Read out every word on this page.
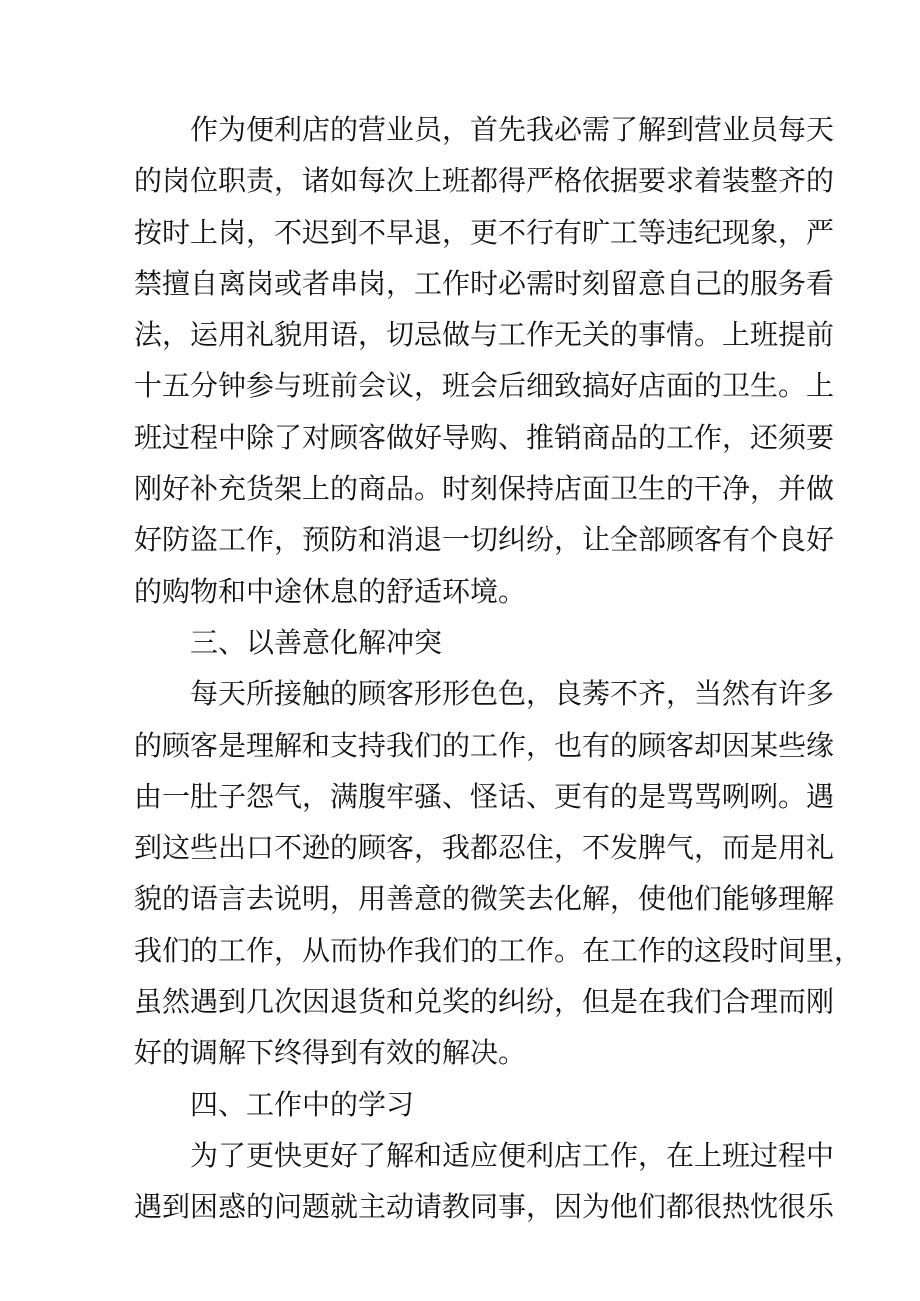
作为便利店的营业员，首先我必需了解到营业员每天
的岗位职责，诸如每次上班都得严格依据要求着装整齐的
按时上岗，不迟到不早退，更不行有旷工等违纪现象，严
禁擅自离岗或者串岗，工作时必需时刻留意自己的服务看
法，运用礼貌用语，切忌做与工作无关的事情。上班提前
十五分钟参与班前会议，班会后细致搞好店面的卫生。上
班过程中除了对顾客做好导购、推销商品的工作，还须要
刚好补充货架上的商品。时刻保持店面卫生的干净，并做
好防盗工作，预防和消退一切纠纷，让全部顾客有个良好
的购物和中途休息的舒适环境。
三、以善意化解冲突
每天所接触的顾客形形色色，良莠不齐，当然有许多
的顾客是理解和支持我们的工作，也有的顾客却因某些缘
由一肚子怨气，满腹牢骚、怪话、更有的是骂骂咧咧。遇
到这些出口不逊的顾客，我都忍住，不发脾气，而是用礼
貌的语言去说明，用善意的微笑去化解，使他们能够理解
我们的工作，从而协作我们的工作。在工作的这段时间里，
虽然遇到几次因退货和兑奖的纠纷，但是在我们合理而刚
好的调解下终得到有效的解决。
四、工作中的学习
为了更快更好了解和适应便利店工作，在上班过程中
遇到困惑的问题就主动请教同事，因为他们都很热忱很乐
